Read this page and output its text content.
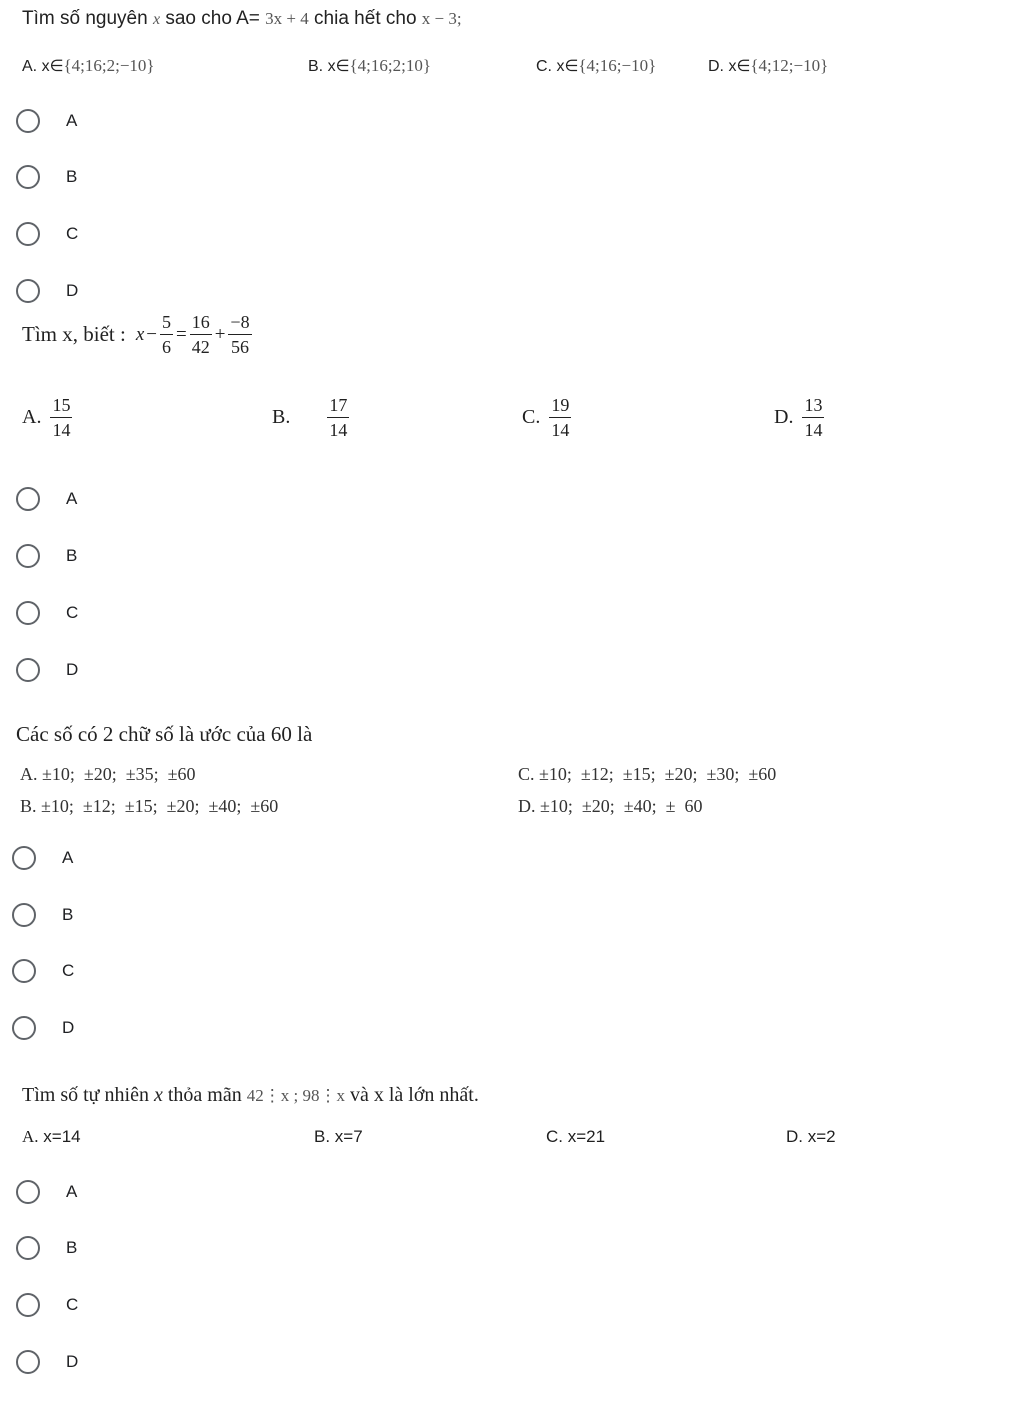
Tìm số nguyên x sao cho A= 3x + 4 chia hết cho x − 3;
A. x∈{4;16;2;−10}	B. x∈{4;16;2;10}	C. x∈{4;16;−10}	D. x∈{4;12;−10}
A
B
C
D
Tìm x, biết : $x - \frac{5}{6} = \frac{16}{42} + \frac{-8}{56}$
A. $\frac{15}{14}$	B. $\frac{17}{14}$	C. $\frac{19}{14}$	D. $\frac{13}{14}$
A
B
C
D
Các số có 2 chữ số là ước của 60 là
A. ±10;  ±20;  ±35;  ±60	C. ±10;  ±12;  ±15;  ±20;  ±30;  ±60
B. ±10;  ±12;  ±15;  ±20;  ±40;  ±60	D. ±10;  ±20;  ±40;  ±  60
A
B
C
D
Tìm số tự nhiên x thỏa mãn 42⋮x ; 98⋮x và x là lớn nhất.
A. x=14	B. x=7	C. x=21	D. x=2
A
B
C
D
